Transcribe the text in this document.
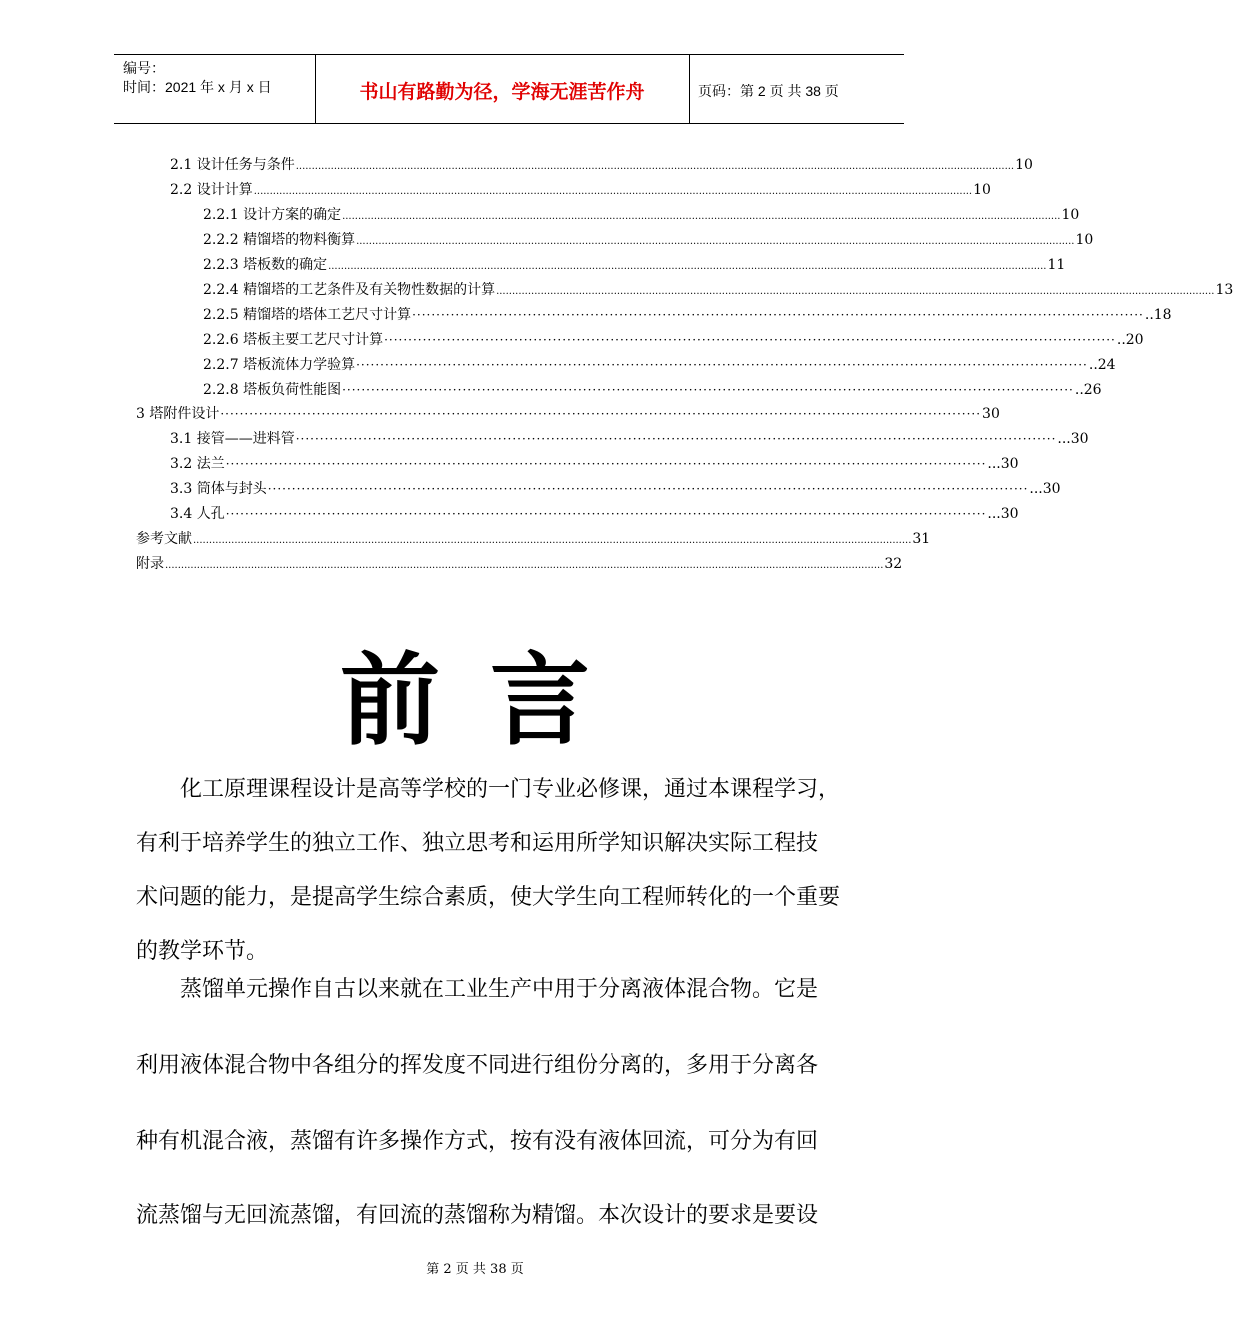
编号：
时间：2021 年 x 月 x 日	书山有路勤为径，学海无涯苦作舟	页码：第 2 页 共 38 页
2.1 设计任务与条件 .................................................................................................................................................................................................................................. 10
2.2 设计计算 .................................................................................................................................................................................................................................. 10
2.2.1 设计方案的确定 .................................................................................................................................................................................................................................. 10
2.2.2 精馏塔的物料衡算 .................................................................................................................................................................................................................................. 10
2.2.3 塔板数的确定 .................................................................................................................................................................................................................................. 11
2.2.4 精馏塔的工艺条件及有关物性数据的计算 .................................................................................................................................................................................................................................. 13
2.2.5 精馏塔的塔体工艺尺寸计算 ························································································································································ ..18
2.2.6 塔板主要工艺尺寸计算 ························································································································································ ..20
2.2.7 塔板流体力学验算 ························································································································································ ..24
2.2.8 塔板负荷性能图 ························································································································································ ..26
3 塔附件设计 ······························································································································································ 30
3.1 接管——进料管 ······························································································································································ ...30
3.2 法兰 ······························································································································································ ...30
3.3 筒体与封头 ······························································································································································ ...30
3.4 人孔 ······························································································································································ ...30
参考文献 .................................................................................................................................................................................................................................. 31
附录 .................................................................................................................................................................................................................................. 32
前言
化工原理课程设计是高等学校的一门专业必修课，通过本课程学习，
有利于培养学生的独立工作、独立思考和运用所学知识解决实际工程技
术问题的能力，是提高学生综合素质，使大学生向工程师转化的一个重要
的教学环节。
蒸馏单元操作自古以来就在工业生产中用于分离液体混合物。它是
利用液体混合物中各组分的挥发度不同进行组份分离的，多用于分离各
种有机混合液，蒸馏有许多操作方式，按有没有液体回流，可分为有回
流蒸馏与无回流蒸馏，有回流的蒸馏称为精馏。本次设计的要求是要设
第 2 页 共 38 页
